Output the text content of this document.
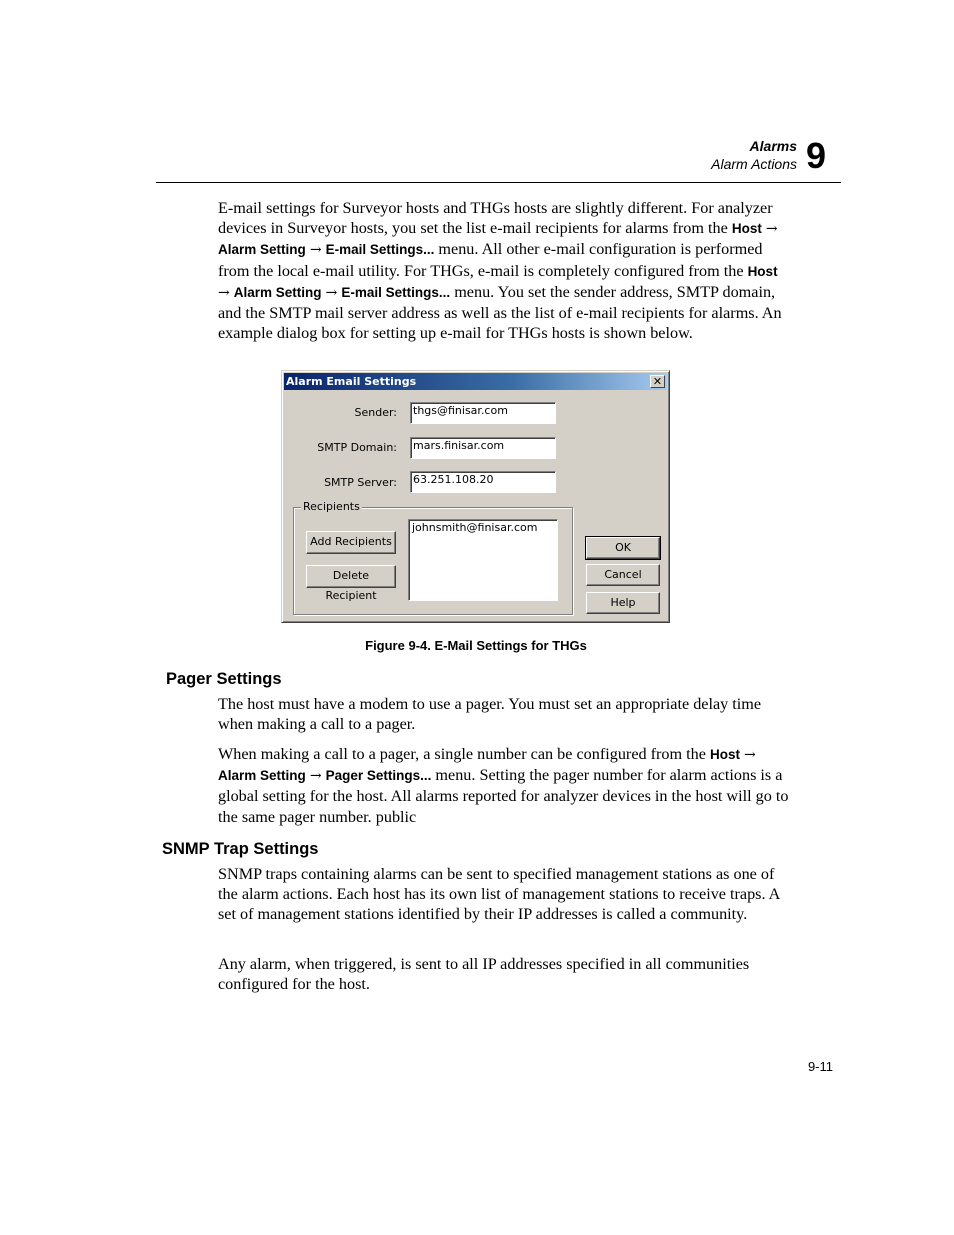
Alarms
Alarm Actions 9

E-mail settings for Surveyor hosts and THGs hosts are slightly different. For analyzer devices in Surveyor hosts, you set the list e-mail recipients for alarms from the Host → Alarm Setting → E-mail Settings... menu. All other e-mail configuration is performed from the local e-mail utility. For THGs, e-mail is completely configured from the Host → Alarm Setting → E-mail Settings... menu. You set the sender address, SMTP domain, and the SMTP mail server address as well as the list of e-mail recipients for alarms. An example dialog box for setting up e-mail for THGs hosts is shown below.

Alarm Email Settings	✕
Sender: thgs@finisar.com
SMTP Domain: mars.finisar.com
SMTP Server: 63.251.108.20
Recipients
Add Recipients
Delete Recipient
johnsmith@finisar.com
OK
Cancel
Help
Figure 9-4. E-Mail Settings for THGs
Pager Settings

The host must have a modem to use a pager. You must set an appropriate delay time when making a call to a pager.

When making a call to a pager, a single number can be configured from the Host → Alarm Setting → Pager Settings... menu. Setting the pager number for alarm actions is a global setting for the host. All alarms reported for analyzer devices in the host will go to the same pager number. public

SNMP Trap Settings

SNMP traps containing alarms can be sent to specified management stations as one of the alarm actions. Each host has its own list of management stations to receive traps. A set of management stations identified by their IP addresses is called a community.

Any alarm, when triggered, is sent to all IP addresses specified in all communities configured for the host.

9-11
